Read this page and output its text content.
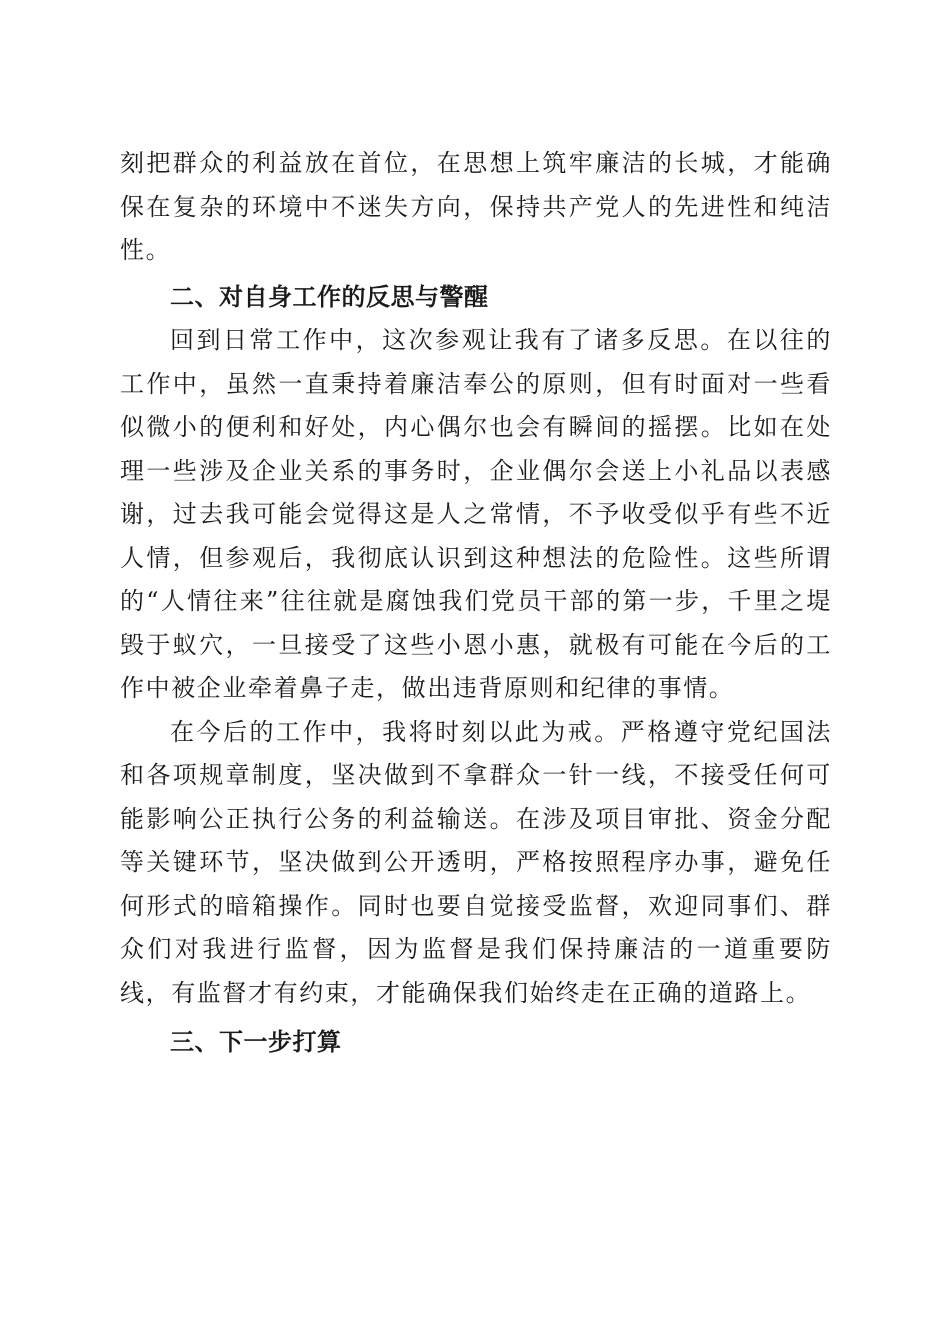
刻把群众的利益放在首位，在思想上筑牢廉洁的长城，才能确保在复杂的环境中不迷失方向，保持共产党人的先进性和纯洁性。

二、对自身工作的反思与警醒

回到日常工作中，这次参观让我有了诸多反思。在以往的工作中，虽然一直秉持着廉洁奉公的原则，但有时面对一些看似微小的便利和好处，内心偶尔也会有瞬间的摇摆。比如在处理一些涉及企业关系的事务时，企业偶尔会送上小礼品以表感谢，过去我可能会觉得这是人之常情，不予收受似乎有些不近人情，但参观后，我彻底认识到这种想法的危险性。这些所谓的“人情往来”往往就是腐蚀我们党员干部的第一步，千里之堤毁于蚁穴，一旦接受了这些小恩小惠，就极有可能在今后的工作中被企业牵着鼻子走，做出违背原则和纪律的事情。

在今后的工作中，我将时刻以此为戒。严格遵守党纪国法和各项规章制度，坚决做到不拿群众一针一线，不接受任何可能影响公正执行公务的利益输送。在涉及项目审批、资金分配等关键环节，坚决做到公开透明，严格按照程序办事，避免任何形式的暗箱操作。同时也要自觉接受监督，欢迎同事们、群众们对我进行监督，因为监督是我们保持廉洁的一道重要防线，有监督才有约束，才能确保我们始终走在正确的道路上。

三、下一步打算
